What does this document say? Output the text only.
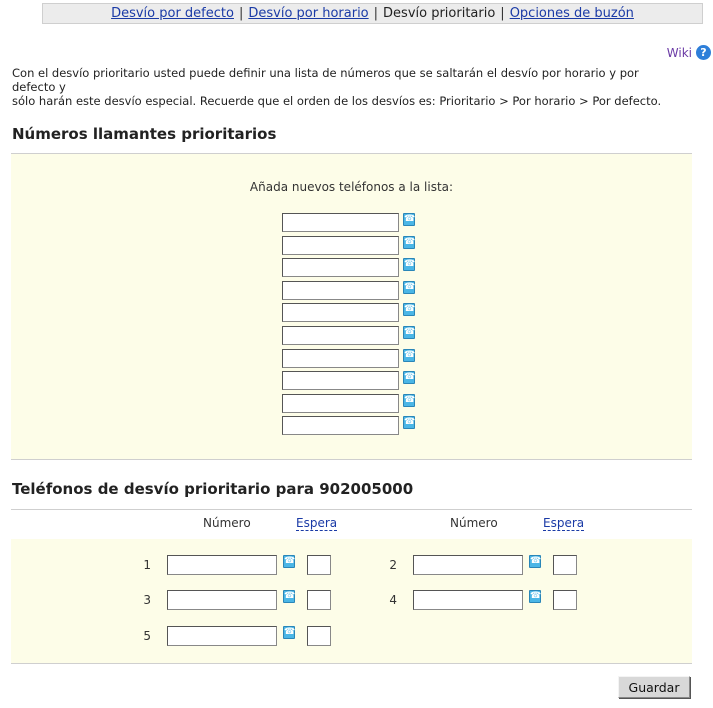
Desvío por defecto | Desvío por horario | Desvío prioritario | Opciones de buzón
Wiki ?
Con el desvío prioritario usted puede definir una lista de números que se saltarán el desvío por horario y por defecto y
sólo harán este desvío especial. Recuerde que el orden de los desvíos es: Prioritario > Por horario > Por defecto.
Números llamantes prioritarios
Añada nuevos teléfonos a la lista:
☎
☎
☎
☎
☎
☎
☎
☎
☎
☎
Teléfonos de desvío prioritario para 902005000
Número	Espera	Número	Espera
1	☎	2	☎
3	☎	4	☎
5	☎
Guardar
